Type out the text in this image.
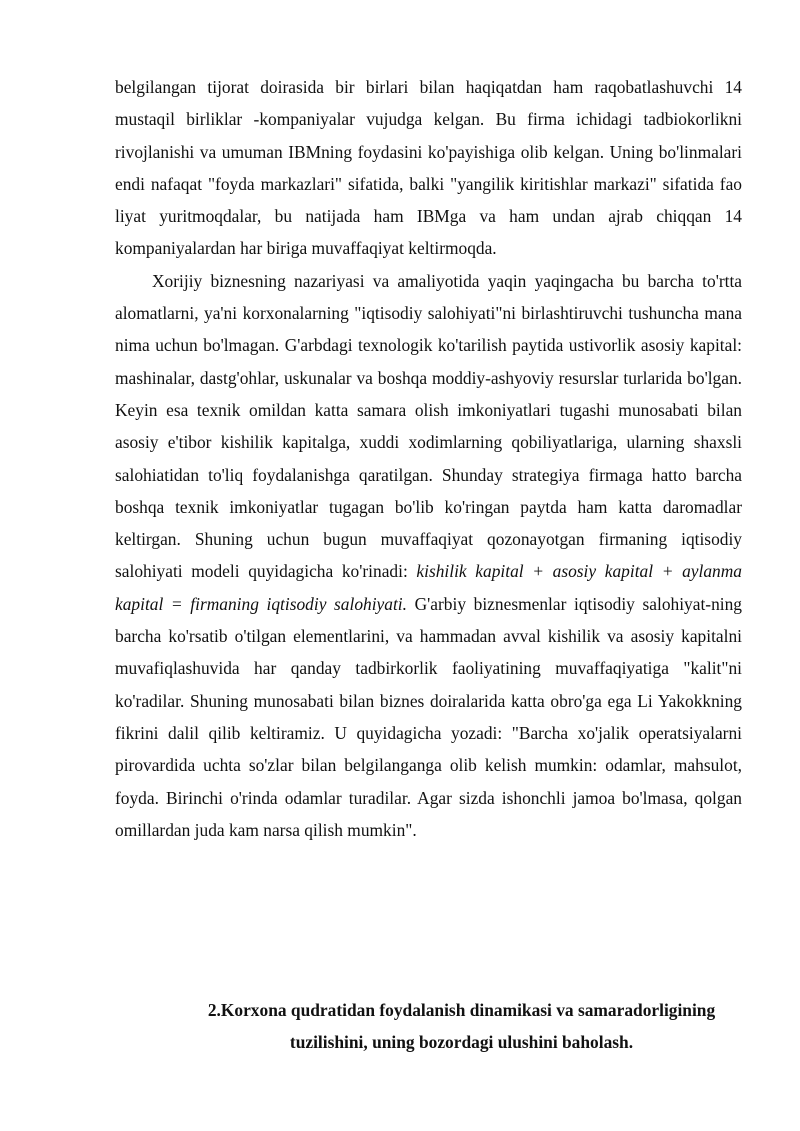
belgilangan tijorat doirasida bir birlari bilan haqiqatdan ham raqobatlashuvchi 14 mustaqil birliklar -kompaniyalar vujudga kelgan. Bu firma ichidagi tadbiokorlikni rivojlanishi va umuman IBMning foydasini ko'payishiga olib kelgan. Uning bo'linmalari endi nafaqat "foyda markazlari" sifatida, balki "yangilik kiritishlar markazi" sifatida fao liyat yuritmoqdalar, bu natijada ham IBMga va ham undan ajrab chiqqan 14 kompaniyalardan har biriga muvaffaqiyat keltirmoqda.

Xorijiy biznesning nazariyasi va amaliyotida yaqin yaqingacha bu barcha to'rtta alomatlarni, ya'ni korxonalarning "iqtisodiy salohiyati"ni birlashtiruvchi tushuncha mana nima uchun bo'lmagan. G'arbdagi texnologik ko'tarilish paytida ustivorlik asosiy kapital: mashinalar, dastg'ohlar, uskunalar va boshqa moddiy-ashyoviy resurslar turlarida bo'lgan. Keyin esa texnik omildan katta samara olish imkoniyatlari tugashi munosabati bilan asosiy e'tibor kishilik kapitalga, xuddi xodimlarning qobiliyatlariga, ularning shaxsli salohiatidan to'liq foydalanishga qaratilgan. Shunday strategiya firmaga hatto barcha boshqa texnik imkoniyatlar tugagan bo'lib ko'ringan paytda ham katta daromadlar keltirgan. Shuning uchun bugun muvaffaqiyat qozonayotgan firmaning iqtisodiy salohiyati modeli quyidagicha ko'rinadi: kishilik kapital + asosiy kapital + aylanma kapital = firmaning iqtisodiy salohiyati. G'arbiy biznesmenlar iqtisodiy salohiyat-ning barcha ko'rsatib o'tilgan elementlarini, va hammadan avval kishilik va asosiy kapitalni muvafiqlashuvida har qanday tadbirkorlik faoliyatining muvaffaqiyatiga "kalit"ni ko'radilar. Shuning munosabati bilan biznes doiralarida katta obro'ga ega Li Yakokkning fikrini dalil qilib keltiramiz. U quyidagicha yozadi: "Barcha xo'jalik operatsiyalarni pirovardida uchta so'zlar bilan belgilanganga olib kelish mumkin: odamlar, mahsulot, foyda. Birinchi o'rinda odamlar turadilar. Agar sizda ishonchli jamoa bo'lmasa, qolgan omillardan juda kam narsa qilish mumkin".

2.Korxona qudratidan foydalanish dinamikasi va samaradorligining
tuzilishini, uning bozordagi ulushini baholash.
